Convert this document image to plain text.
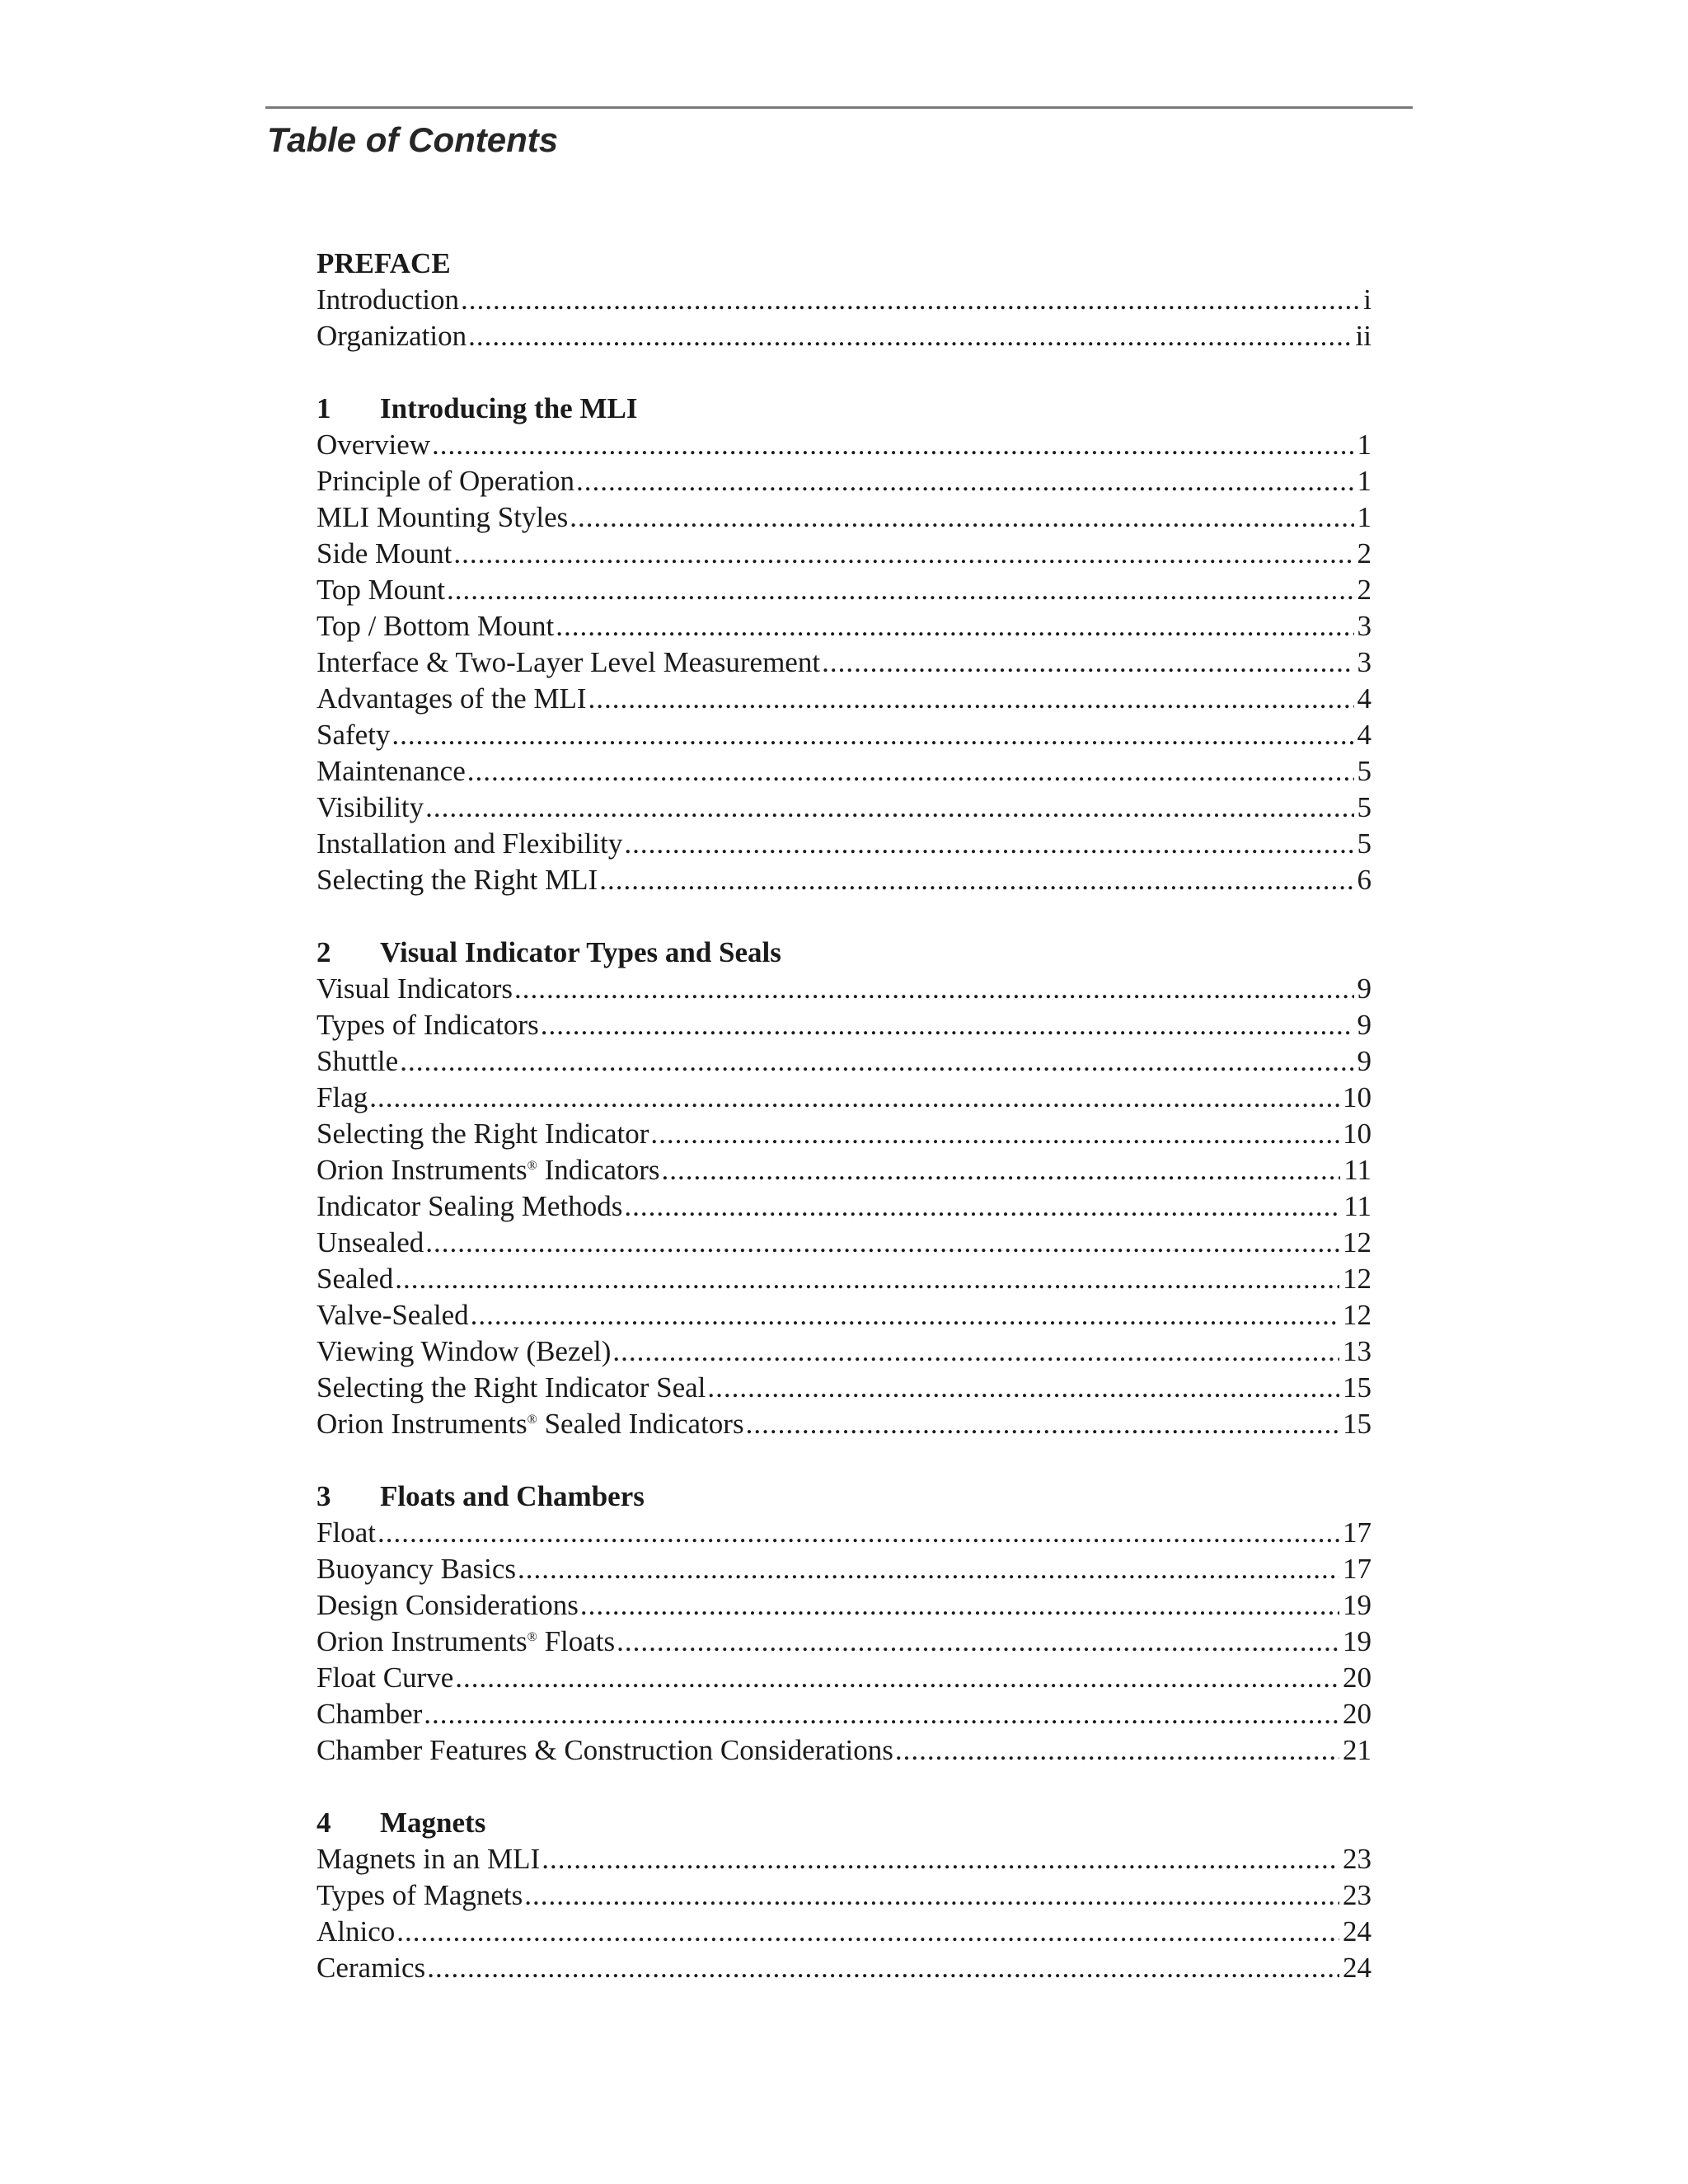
Table of Contents
PREFACE
Introduction .....	i
Organization .....	ii
1 Introducing the MLI
Overview .....	1
Principle of Operation .....	1
MLI Mounting Styles .....	1
Side Mount .....	2
Top Mount .....	2
Top / Bottom Mount .....	3
Interface & Two-Layer Level Measurement .....	3
Advantages of the MLI .....	4
Safety .....	4
Maintenance .....	5
Visibility .....	5
Installation and Flexibility .....	5
Selecting the Right MLI .....	6
2 Visual Indicator Types and Seals
Visual Indicators .....	9
Types of Indicators .....	9
Shuttle .....	9
Flag .....	10
Selecting the Right Indicator .....	10
Orion Instruments® Indicators .....	11
Indicator Sealing Methods .....	11
Unsealed .....	12
Sealed .....	12
Valve-Sealed .....	12
Viewing Window (Bezel) .....	13
Selecting the Right Indicator Seal .....	15
Orion Instruments® Sealed Indicators .....	15
3 Floats and Chambers
Float .....	17
Buoyancy Basics .....	17
Design Considerations .....	19
Orion Instruments® Floats .....	19
Float Curve .....	20
Chamber .....	20
Chamber Features & Construction Considerations .....	21
4 Magnets
Magnets in an MLI .....	23
Types of Magnets .....	23
Alnico .....	24
Ceramics .....	24
